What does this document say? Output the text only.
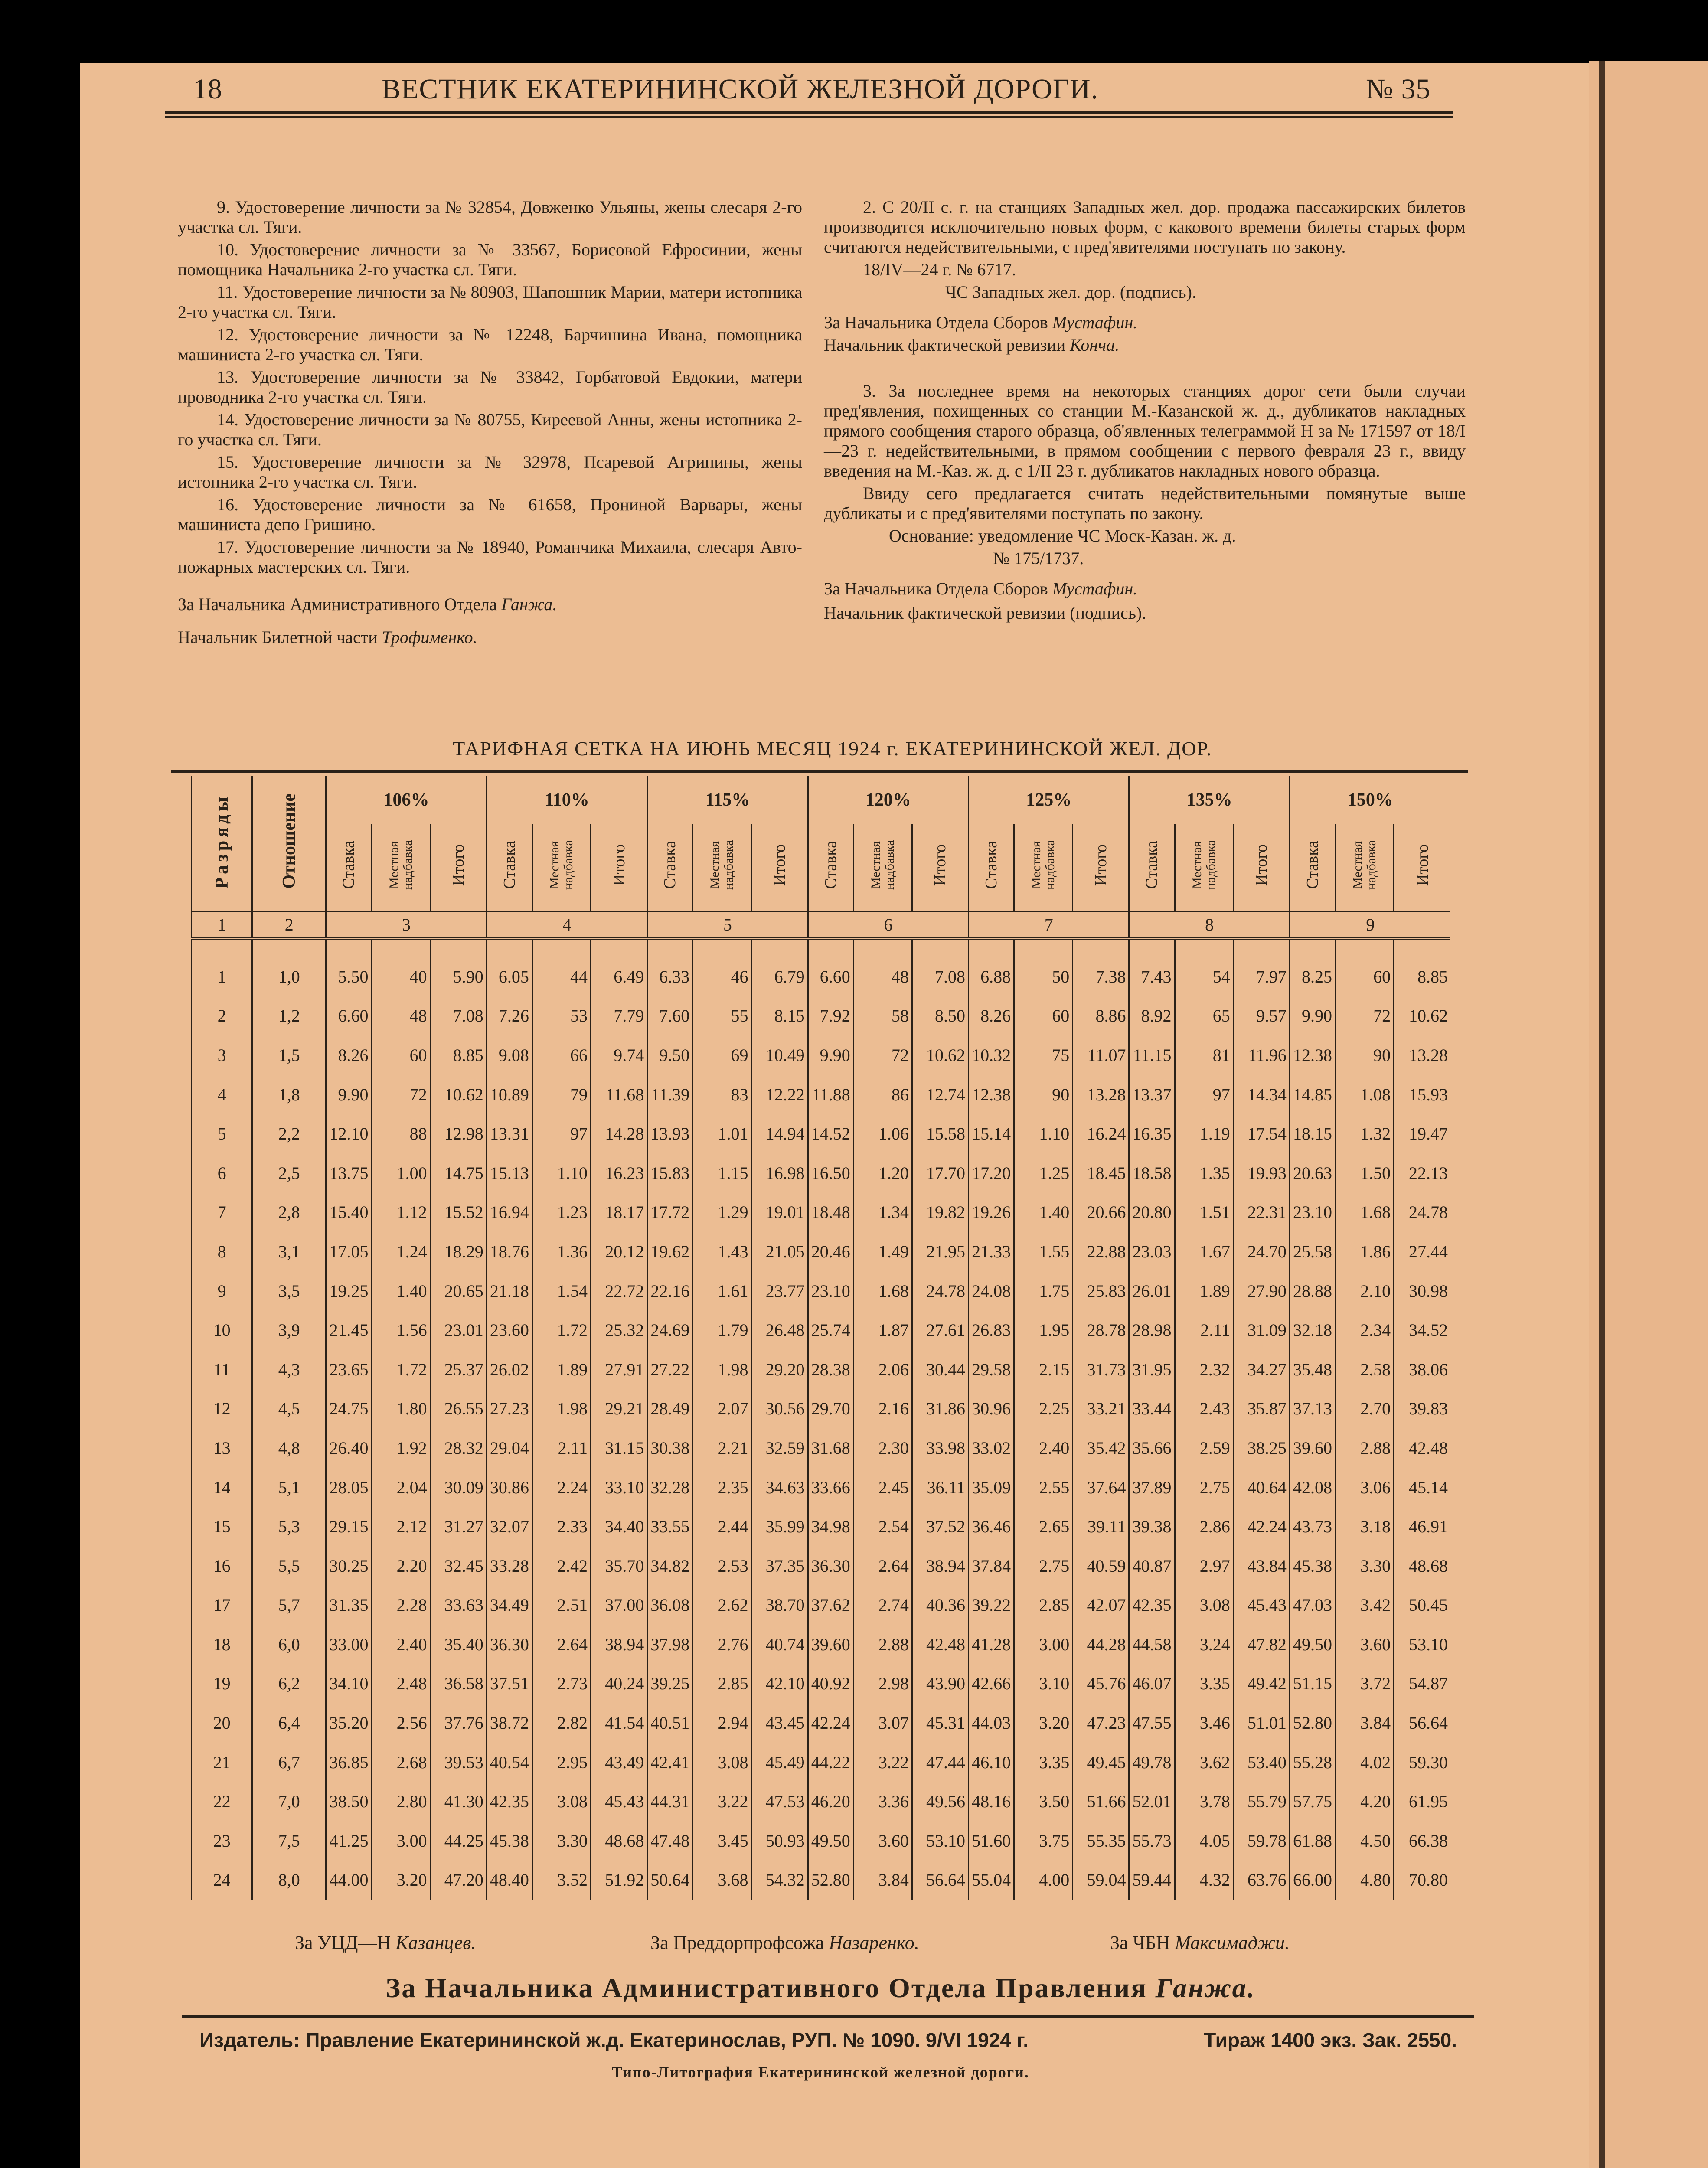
18	ВЕСТНИК ЕКАТЕРИНИНСКОЙ ЖЕЛЕЗНОЙ ДОРОГИ.	№ 35

9. Удостоверение личности за № 32854, Довженко Ульяны, жены слесаря 2-го участка сл. Тяги.

10. Удостоверение личности за № 33567, Борисовой Ефросинии, жены помощника Начальника 2-го участка сл. Тяги.

11. Удостоверение личности за № 80903, Шапошник Марии, матери истопника 2-го участка сл. Тяги.

12. Удостоверение личности за № 12248, Барчишина Ивана, помощника машиниста 2-го участка сл. Тяги.

13. Удостоверение личности за № 33842, Горбатовой Евдокии, матери проводника 2-го участка сл. Тяги.

14. Удостоверение личности за № 80755, Киреевой Анны, жены истопника 2-го участка сл. Тяги.

15. Удостоверение личности за № 32978, Псаревой Агрипины, жены истопника 2-го участка сл. Тяги.

16. Удостоверение личности за № 61658, Прониной Варвары, жены машиниста депо Гришино.

17. Удостоверение личности за № 18940, Романчика Михаила, слесаря Авто-пожарных мастерских сл. Тяги.

За Начальника Административного Отдела Ганжа.

Начальник Билетной части Трофименко.

2. С 20/II с. г. на станциях Западных жел. дор. продажа пассажирских билетов производится исключительно новых форм, с какового времени билеты старых форм считаются недействительными, с пред'явителями поступать по закону.

18/IV—24 г. № 6717.

ЧС Западных жел. дор. (подпись).

За Начальника Отдела Сборов Мустафин.

Начальник фактической ревизии Конча.

3. За последнее время на некоторых станциях дорог сети были случаи пред'явления, похищенных со станции М.-Казанской ж. д., дубликатов накладных прямого сообщения старого образца, об'явленных телеграммой Н за № 171597 от 18/I—23 г. недействительными, в прямом сообщении с первого февраля 23 г., ввиду введения на М.-Каз. ж. д. с 1/II 23 г. дубликатов накладных нового образца.

Ввиду сего предлагается считать недействительными помянутые выше дубликаты и с пред'явителями поступать по закону.

Основание: уведомление ЧС Моск-Казан. ж. д.

№ 175/1737.

За Начальника Отдела Сборов Мустафин.

Начальник фактической ревизии (подпись).

ТАРИФНАЯ СЕТКА НА ИЮНЬ МЕСЯЦ 1924 г. ЕКАТЕРИНИНСКОЙ ЖЕЛ. ДОР.
Разряды	Отношение	106%			110%			115%			120%			125%			135%			150%		
		Ставка	Местная надбавка	Итого	Ставка	Местная надбавка	Итого	Ставка	Местная надбавка	Итого	Ставка	Местная надбавка	Итого	Ставка	Местная надбавка	Итого	Ставка	Местная надбавка	Итого	Ставка	Местная надбавка	Итого
1	2	3			4			5			6			7			8			9		

1	1,0	5.50	40	5.90	6.05	44	6.49	6.33	46	6.79	6.60	48	7.08	6.88	50	7.38	7.43	54	7.97	8.25	60	8.85
2	1,2	6.60	48	7.08	7.26	53	7.79	7.60	55	8.15	7.92	58	8.50	8.26	60	8.86	8.92	65	9.57	9.90	72	10.62
3	1,5	8.26	60	8.85	9.08	66	9.74	9.50	69	10.49	9.90	72	10.62	10.32	75	11.07	11.15	81	11.96	12.38	90	13.28
4	1,8	9.90	72	10.62	10.89	79	11.68	11.39	83	12.22	11.88	86	12.74	12.38	90	13.28	13.37	97	14.34	14.85	1.08	15.93
5	2,2	12.10	88	12.98	13.31	97	14.28	13.93	1.01	14.94	14.52	1.06	15.58	15.14	1.10	16.24	16.35	1.19	17.54	18.15	1.32	19.47
6	2,5	13.75	1.00	14.75	15.13	1.10	16.23	15.83	1.15	16.98	16.50	1.20	17.70	17.20	1.25	18.45	18.58	1.35	19.93	20.63	1.50	22.13
7	2,8	15.40	1.12	15.52	16.94	1.23	18.17	17.72	1.29	19.01	18.48	1.34	19.82	19.26	1.40	20.66	20.80	1.51	22.31	23.10	1.68	24.78
8	3,1	17.05	1.24	18.29	18.76	1.36	20.12	19.62	1.43	21.05	20.46	1.49	21.95	21.33	1.55	22.88	23.03	1.67	24.70	25.58	1.86	27.44
9	3,5	19.25	1.40	20.65	21.18	1.54	22.72	22.16	1.61	23.77	23.10	1.68	24.78	24.08	1.75	25.83	26.01	1.89	27.90	28.88	2.10	30.98
10	3,9	21.45	1.56	23.01	23.60	1.72	25.32	24.69	1.79	26.48	25.74	1.87	27.61	26.83	1.95	28.78	28.98	2.11	31.09	32.18	2.34	34.52
11	4,3	23.65	1.72	25.37	26.02	1.89	27.91	27.22	1.98	29.20	28.38	2.06	30.44	29.58	2.15	31.73	31.95	2.32	34.27	35.48	2.58	38.06
12	4,5	24.75	1.80	26.55	27.23	1.98	29.21	28.49	2.07	30.56	29.70	2.16	31.86	30.96	2.25	33.21	33.44	2.43	35.87	37.13	2.70	39.83
13	4,8	26.40	1.92	28.32	29.04	2.11	31.15	30.38	2.21	32.59	31.68	2.30	33.98	33.02	2.40	35.42	35.66	2.59	38.25	39.60	2.88	42.48
14	5,1	28.05	2.04	30.09	30.86	2.24	33.10	32.28	2.35	34.63	33.66	2.45	36.11	35.09	2.55	37.64	37.89	2.75	40.64	42.08	3.06	45.14
15	5,3	29.15	2.12	31.27	32.07	2.33	34.40	33.55	2.44	35.99	34.98	2.54	37.52	36.46	2.65	39.11	39.38	2.86	42.24	43.73	3.18	46.91
16	5,5	30.25	2.20	32.45	33.28	2.42	35.70	34.82	2.53	37.35	36.30	2.64	38.94	37.84	2.75	40.59	40.87	2.97	43.84	45.38	3.30	48.68
17	5,7	31.35	2.28	33.63	34.49	2.51	37.00	36.08	2.62	38.70	37.62	2.74	40.36	39.22	2.85	42.07	42.35	3.08	45.43	47.03	3.42	50.45
18	6,0	33.00	2.40	35.40	36.30	2.64	38.94	37.98	2.76	40.74	39.60	2.88	42.48	41.28	3.00	44.28	44.58	3.24	47.82	49.50	3.60	53.10
19	6,2	34.10	2.48	36.58	37.51	2.73	40.24	39.25	2.85	42.10	40.92	2.98	43.90	42.66	3.10	45.76	46.07	3.35	49.42	51.15	3.72	54.87
20	6,4	35.20	2.56	37.76	38.72	2.82	41.54	40.51	2.94	43.45	42.24	3.07	45.31	44.03	3.20	47.23	47.55	3.46	51.01	52.80	3.84	56.64
21	6,7	36.85	2.68	39.53	40.54	2.95	43.49	42.41	3.08	45.49	44.22	3.22	47.44	46.10	3.35	49.45	49.78	3.62	53.40	55.28	4.02	59.30
22	7,0	38.50	2.80	41.30	42.35	3.08	45.43	44.31	3.22	47.53	46.20	3.36	49.56	48.16	3.50	51.66	52.01	3.78	55.79	57.75	4.20	61.95
23	7,5	41.25	3.00	44.25	45.38	3.30	48.68	47.48	3.45	50.93	49.50	3.60	53.10	51.60	3.75	55.35	55.73	4.05	59.78	61.88	4.50	66.38
24	8,0	44.00	3.20	47.20	48.40	3.52	51.92	50.64	3.68	54.32	52.80	3.84	56.64	55.04	4.00	59.04	59.44	4.32	63.76	66.00	4.80	70.80
За УЦД—Н Казанцев.	За Преддорпрофсожа Назаренко.	За ЧБН Максимаджи.
За Начальника Административного Отдела Правления Ганжа.
Издатель: Правление Екатерининской ж.д. Екатеринослав, РУП. № 1090. 9/VI 1924 г.	Тираж 1400 экз. Зак. 2550.
Типо-Литография Екатерининской железной дороги.
